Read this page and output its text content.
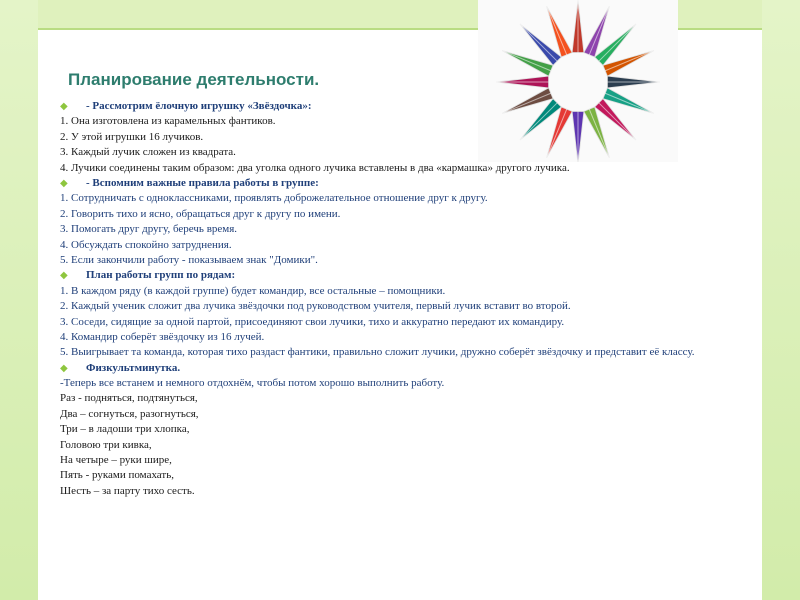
Планирование деятельности.

◆ - Рассмотрим ёлочную игрушку «Звёздочка»:

1. Она изготовлена из карамельных фантиков.

2. У этой игрушки 16 лучиков.

3. Каждый лучик сложен из квадрата.

4. Лучики соединены таким образом: два уголка одного лучика вставлены в два «кармашка» другого лучика.

◆ - Вспомним важные правила работы в группе:

1. Сотрудничать с одноклассниками, проявлять доброжелательное отношение друг к другу.

2. Говорить тихо и ясно, обращаться друг к другу по имени.

3. Помогать друг другу, беречь время.

4. Обсуждать спокойно затруднения.

5. Если закончили работу - показываем знак "Домики".

◆ План работы групп по рядам:

1. В каждом ряду (в каждой группе) будет командир, все остальные – помощники.

2. Каждый ученик сложит два лучика звёздочки под руководством учителя, первый лучик вставит во второй.

3. Соседи, сидящие за одной партой, присоединяют свои лучики, тихо и аккуратно передают их командиру.

4. Командир соберёт звёздочку из 16 лучей.

5. Выигрывает та команда, которая тихо раздаст фантики, правильно сложит лучики, дружно соберёт звёздочку и представит её классу.

◆ Физкультминутка.

-Теперь все встанем и немного отдохнём, чтобы потом хорошо выполнить работу.

Раз - подняться, подтянуться,

Два – согнуться, разогнуться,

Три – в ладоши три хлопка,

Головою три кивка,

На четыре – руки шире,

Пять - руками помахать,

Шесть – за парту тихо сесть.
